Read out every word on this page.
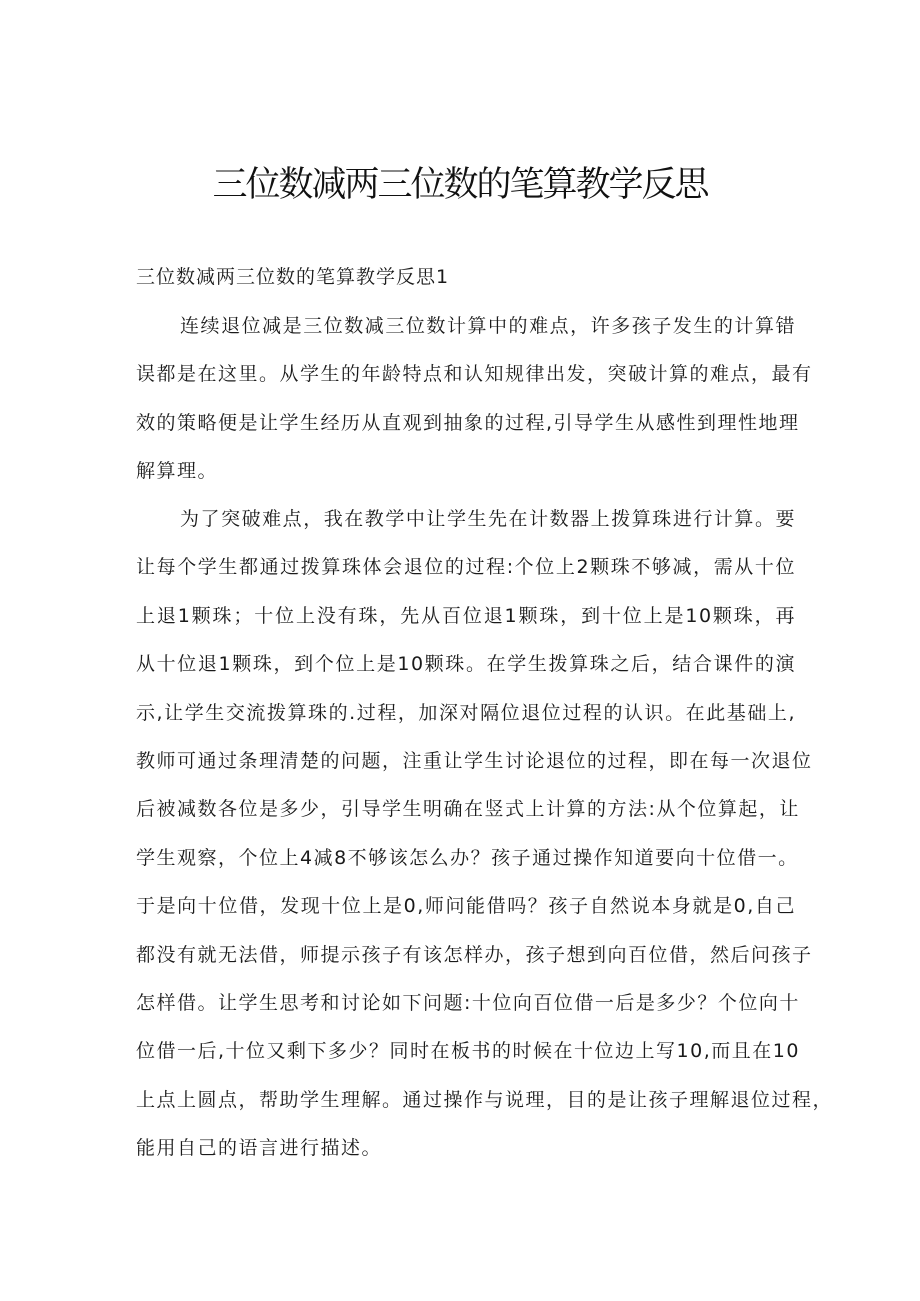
三位数减两三位数的笔算教学反思

三位数减两三位数的笔算教学反思1

连续退位减是三位数减三位数计算中的难点，许多孩子发生的计算错
误都是在这里。从学生的年龄特点和认知规律出发，突破计算的难点，最有
效的策略便是让学生经历从直观到抽象的过程,引导学生从感性到理性地理
解算理。
为了突破难点，我在教学中让学生先在计数器上拨算珠进行计算。要
让每个学生都通过拨算珠体会退位的过程:个位上2颗珠不够减，需从十位
上退1颗珠；十位上没有珠，先从百位退1颗珠，到十位上是10颗珠，再
从十位退1颗珠，到个位上是10颗珠。在学生拨算珠之后，结合课件的演
示,让学生交流拨算珠的.过程，加深对隔位退位过程的认识。在此基础上,
教师可通过条理清楚的问题，注重让学生讨论退位的过程，即在每一次退位
后被减数各位是多少，引导学生明确在竖式上计算的方法:从个位算起，让
学生观察，个位上4减8不够该怎么办？孩子通过操作知道要向十位借一。
于是向十位借，发现十位上是0,师问能借吗？孩子自然说本身就是0,自己
都没有就无法借，师提示孩子有该怎样办，孩子想到向百位借，然后问孩子
怎样借。让学生思考和讨论如下问题:十位向百位借一后是多少？个位向十
位借一后,十位又剩下多少？同时在板书的时候在十位边上写10,而且在10
上点上圆点，帮助学生理解。通过操作与说理，目的是让孩子理解退位过程，
能用自己的语言进行描述。
